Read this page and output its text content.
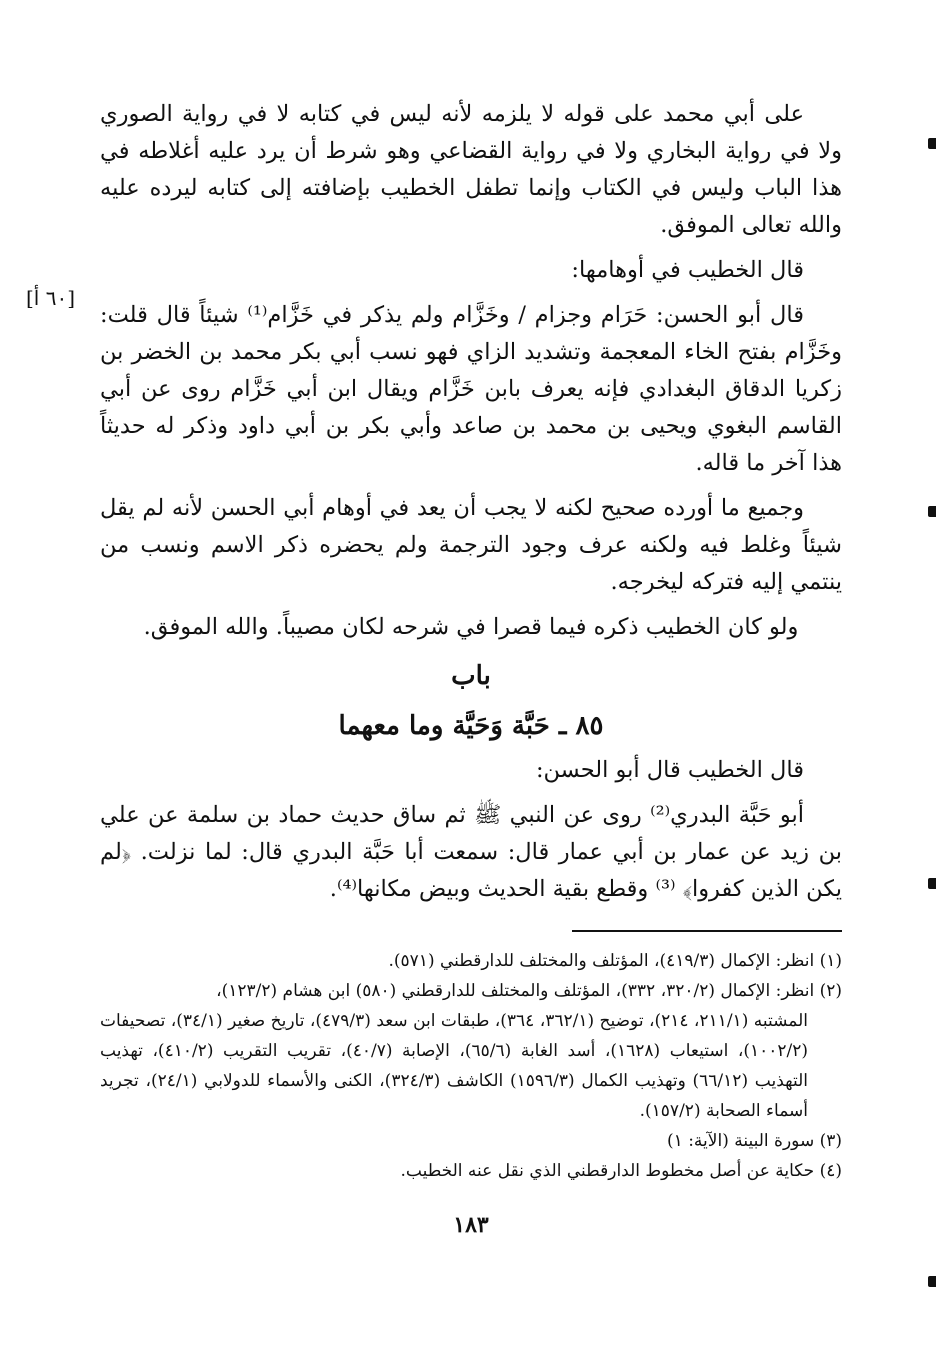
على أبي محمد على قوله لا يلزمه لأنه ليس في كتابه لا في رواية الصوري ولا في رواية البخاري ولا في رواية القضاعي وهو شرط أن يرد عليه أغلاطه في هذا الباب وليس في الكتاب وإنما تطفل الخطيب بإضافته إلى كتابه ليرده عليه والله تعالى الموفق.

قال الخطيب في أوهامها:

قال أبو الحسن: حَرَام وجزام / وخَزَّام ولم يذكر في خَزَّام⁽¹⁾ شيئاً قال قلت: وخَزَّام بفتح الخاء المعجمة وتشديد الزاي فهو نسب أبي بكر محمد بن الخضر بن زكريا الدقاق البغدادي فإنه يعرف بابن خَزَّام ويقال ابن أبي خَزَّام روى عن أبي القاسم البغوي ويحيى بن محمد بن صاعد وأبي بكر بن أبي داود وذكر له حديثاً هذا آخر ما قاله.

وجميع ما أورده صحيح لكنه لا يجب أن يعد في أوهام أبي الحسن لأنه لم يقل شيئاً وغلط فيه ولكنه عرف وجود الترجمة ولم يحضره ذكر الاسم ونسب من ينتمي إليه فتركه ليخرجه.

ولو كان الخطيب ذكره فيما قصرا في شرحه لكان مصيباً. والله الموفق.

باب
٨٥ ـ حَبَّة وَحَيَّة وما معهما

قال الخطيب قال أبو الحسن:

أبو حَبَّة البدري⁽²⁾ روى عن النبي ﷺ ثم ساق حديث حماد بن سلمة عن علي بن زيد عن عمار بن أبي عمار قال: سمعت أبا حَبَّة البدري قال: لما نزلت. ﴿لم يكن الذين كفروا﴾ ⁽³⁾ وقطع بقية الحديث وبيض مكانها⁽⁴⁾.

(١) انظر: الإكمال (٤١٩/٣)، المؤتلف والمختلف للدارقطني (٥٧١).

(٢) انظر: الإكمال (٣٢٠/٢، ٣٣٢)، المؤتلف والمختلف للدارقطني (٥٨٠) ابن هشام (١٢٣/٢)،

المشتبه (٢١١/١، ٢١٤)، توضيح (٣٦٢/١، ٣٦٤)، طبقات ابن سعد (٤٧٩/٣)، تاريخ صغير (٣٤/١)، تصحيفات (١٠٠٢/٢)، استيعاب (١٦٢٨)، أسد الغابة (٦٥/٦)، الإصابة (٤٠/٧)، تقريب التقريب (٤١٠/٢)، تهذيب التهذيب (٦٦/١٢) وتهذيب الكمال (١٥٩٦/٣) الكاشف (٣٢٤/٣)، الكنى والأسماء للدولابي (٢٤/١)، تجريد أسماء الصحابة (١٥٧/٢).

(٣) سورة البينة (الآية: ١)

(٤) حكاية عن أصل مخطوط الدارقطني الذي نقل عنه الخطيب.

١٨٣
[٦٠ أ]
